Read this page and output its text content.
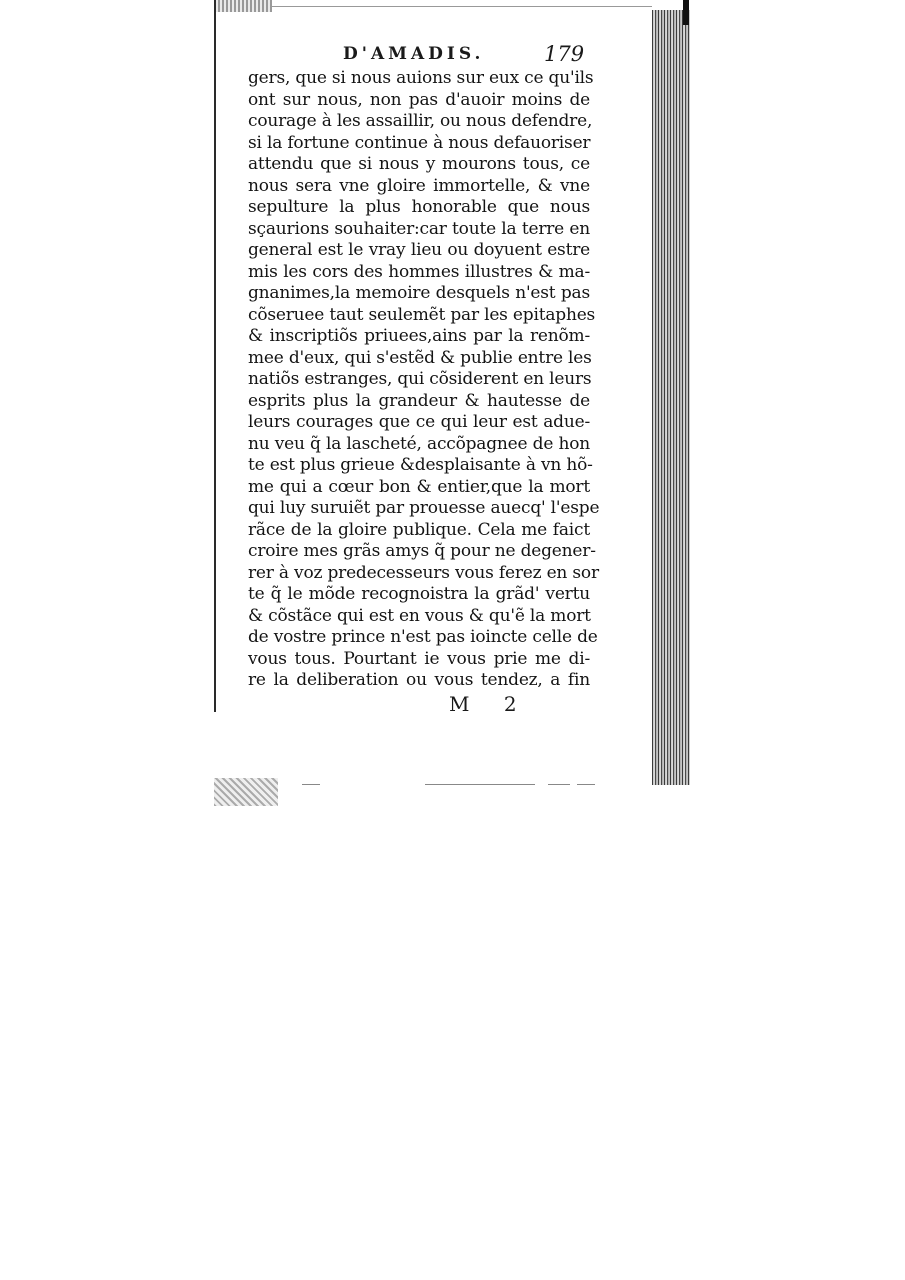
D'AMADIS.	179
gers, que si nous auions sur eux ce qu'ils
ont sur nous, non pas d'auoir moins de
courage à les assaillir, ou nous defendre,
si la fortune continue à nous defauoriser
attendu que si nous y mourons tous, ce
nous sera vne gloire immortelle, & vne
sepulture la plus honorable que nous
sçaurions souhaiter:car toute la terre en
general est le vray lieu ou doyuent estre
mis les cors des hommes illustres & ma-
gnanimes,la memoire desquels n'est pas
cõseruee taut seulemẽt par les epitaphes
& inscriptiõs priuees,ains par la renõm-
mee d'eux, qui s'estẽd & publie entre les
natiõs estranges, qui cõsiderent en leurs
esprits plus la grandeur & hautesse de
leurs courages que ce qui leur est adue-
nu veu q̃ la lascheté, accõpagnee de hon
te est plus grieue &desplaisante à vn hõ-
me qui a cœur bon & entier,que la mort
qui luy suruiẽt par prouesse auecq' l'espe
rãce de la gloire publique. Cela me faict
croire mes grãs amys q̃ pour ne degener-
rer à voz predecesseurs vous ferez en sor
te q̃ le mõde recognoistra la grãd' vertu
& cõstãce qui est en vous & qu'ẽ la mort
de vostre prince n'est pas ioincte celle de
vous tous. Pourtant ie vous prie me di-
re la deliberation ou vous tendez, a fin
M 2
